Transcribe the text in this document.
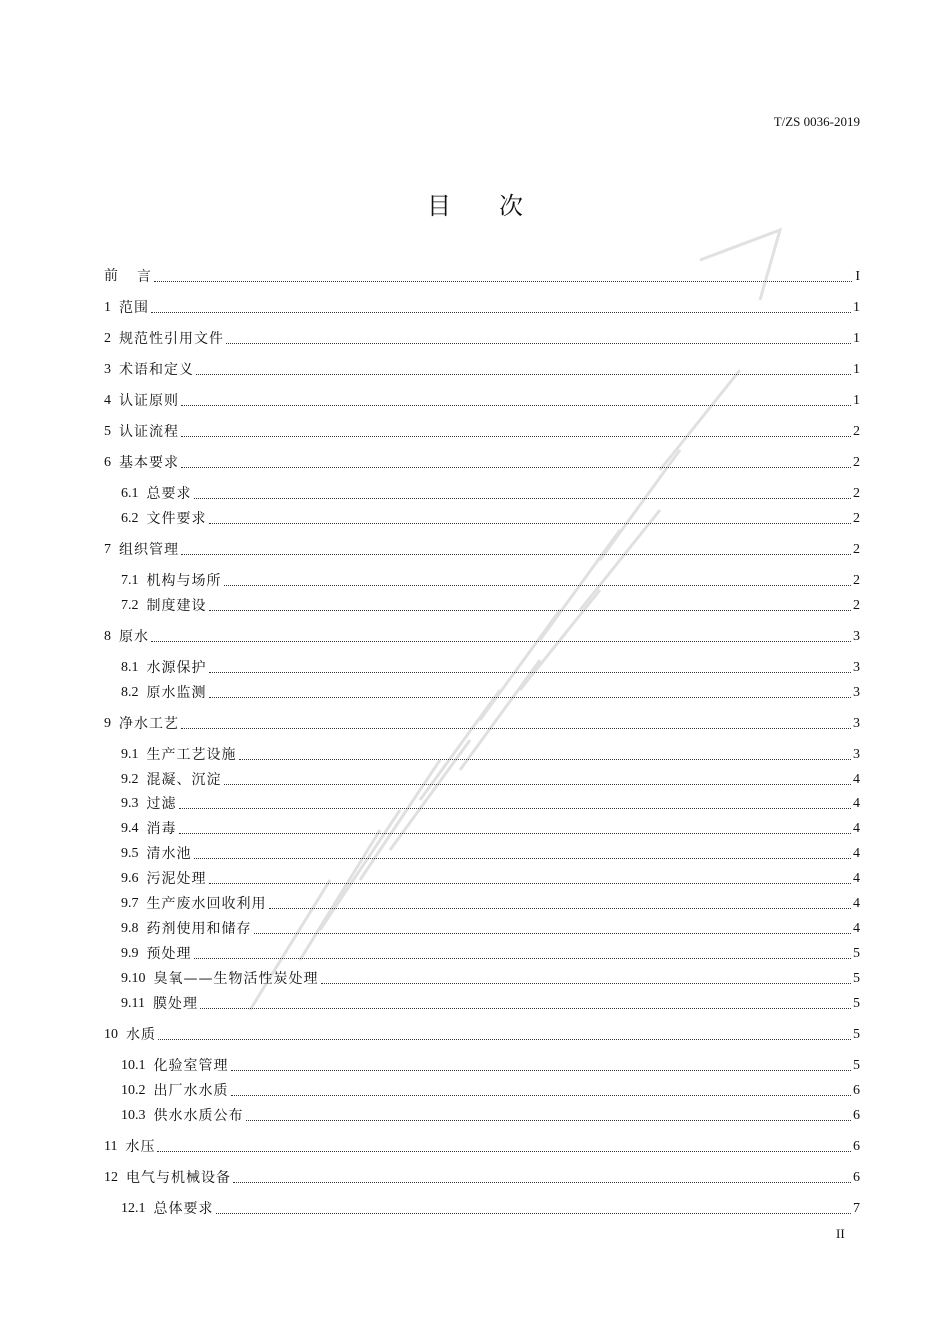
T/ZS 0036-2019
目次
前 言	I
1 范围	1
2 规范性引用文件	1
3 术语和定义	1
4 认证原则	1
5 认证流程	2
6 基本要求	2
6.1 总要求	2
6.2 文件要求	2
7 组织管理	2
7.1 机构与场所	2
7.2 制度建设	2
8 原水	3
8.1 水源保护	3
8.2 原水监测	3
9 净水工艺	3
9.1 生产工艺设施	3
9.2 混凝、沉淀	4
9.3 过滤	4
9.4 消毒	4
9.5 清水池	4
9.6 污泥处理	4
9.7 生产废水回收利用	4
9.8 药剂使用和储存	4
9.9 预处理	5
9.10 臭氧——生物活性炭处理	5
9.11 膜处理	5
10 水质	5
10.1 化验室管理	5
10.2 出厂水水质	6
10.3 供水水质公布	6
11 水压	6
12 电气与机械设备	6
12.1 总体要求	7
II
